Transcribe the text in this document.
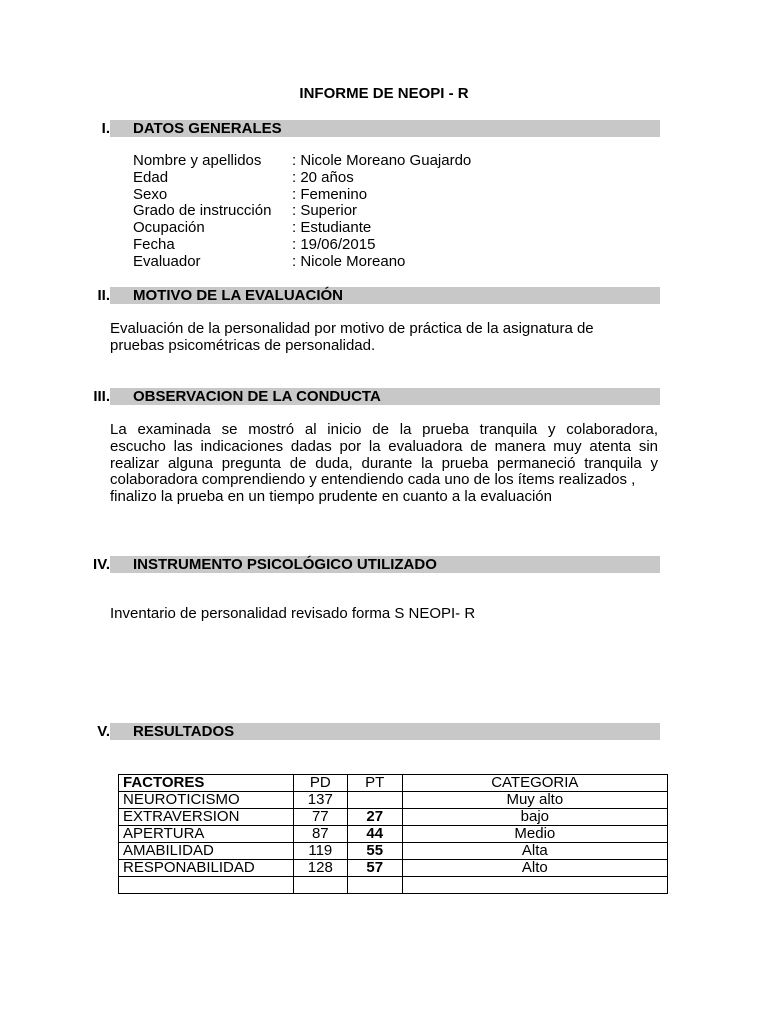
INFORME DE NEOPI - R
I. DATOS GENERALES
Nombre y apellidos : Nicole Moreano Guajardo
Edad	: 20 años
Sexo	: Femenino
Grado de instrucción : Superior
Ocupación	: Estudiante
Fecha	: 19/06/2015
Evaluador	: Nicole Moreano
II. MOTIVO DE LA EVALUACIÓN
Evaluación de la personalidad por motivo de práctica de la asignatura de
pruebas psicométricas de personalidad.
III. OBSERVACION DE LA CONDUCTA
La examinada se mostró al inicio de la prueba tranquila y colaboradora,
escucho las indicaciones dadas por la evaluadora de manera muy atenta sin
realizar alguna pregunta de duda, durante la prueba permaneció tranquila y
colaboradora comprendiendo y entendiendo cada uno de los ítems realizados ,
finalizo la prueba en un tiempo prudente en cuanto a la evaluación
IV. INSTRUMENTO PSICOLÓGICO UTILIZADO
Inventario de personalidad revisado forma S NEOPI- R
V. RESULTADOS
FACTORES	PD	PT	CATEGORIA
NEUROTICISMO	137		Muy alto
EXTRAVERSION	77	27	bajo
APERTURA	87	44	Medio
AMABILIDAD	119	55	Alta
RESPONABILIDAD	128	57	Alto
